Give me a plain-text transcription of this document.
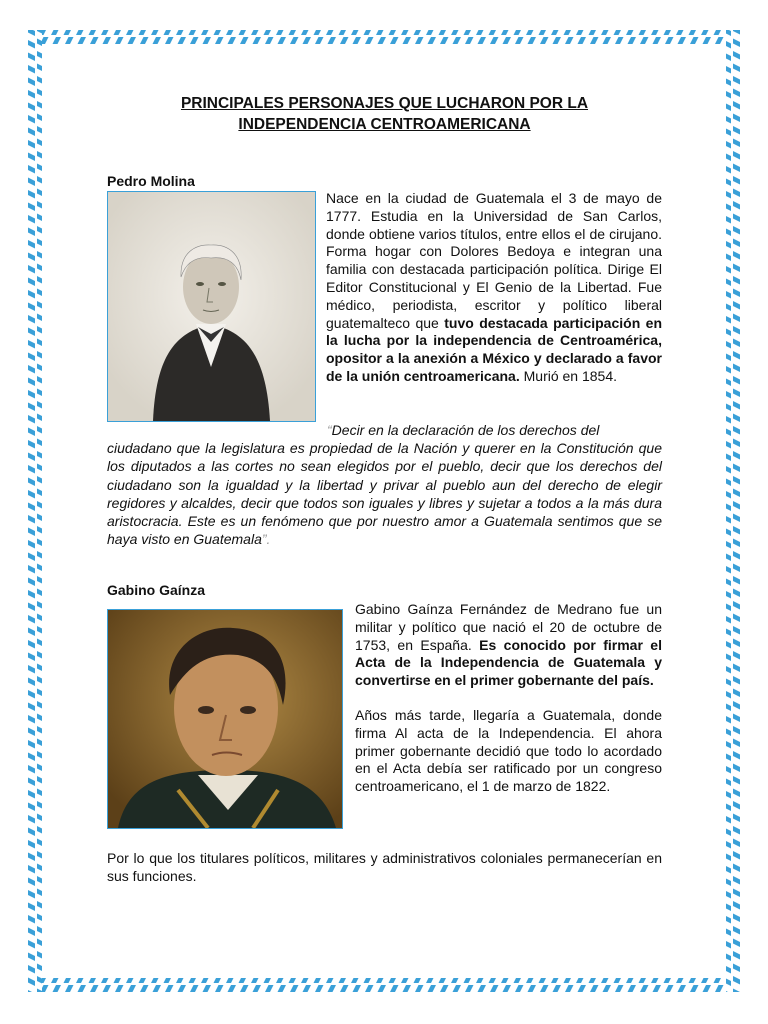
PRINCIPALES PERSONAJES QUE LUCHARON POR LA
INDEPENDENCIA CENTROAMERICANA
Pedro Molina
Nace en la ciudad de Guatemala el 3 de mayo de 1777. Estudia en la Universidad de San Carlos, donde obtiene varios títulos, entre ellos el de cirujano. Forma hogar con Dolores Bedoya e integran una familia con destacada participación política. Dirige El Editor Constitucional y El Genio de la Libertad. Fue médico, periodista, escritor y político liberal guatemalteco que tuvo destacada participación en la lucha por la independencia de Centroamérica, opositor a la anexión a México y declarado a favor de la unión centroamericana. Murió en 1854.
“Decir en la declaración de los derechos del
ciudadano que la legislatura es propiedad de la Nación y querer en la Constitución que los diputados a las cortes no sean elegidos por el pueblo, decir que los derechos del ciudadano son la igualdad y la libertad y privar al pueblo aun del derecho de elegir regidores y alcaldes, decir que todos son iguales y libres y sujetar a todos a la más dura aristocracia. Este es un fenómeno que por nuestro amor a Guatemala sentimos que se haya visto en Guatemala”.
Gabino Gaínza

Gabino Gaínza Fernández de Medrano fue un militar y político que nació el 20 de octubre de 1753, en España. Es conocido por firmar el Acta de la Independencia de Guatemala y convertirse en el primer gobernante del país.

Años más tarde, llegaría a Guatemala, donde firma Al acta de la Independencia. El ahora primer gobernante decidió que todo lo acordado en el Acta debía ser ratificado por un congreso centroamericano, el 1 de marzo de 1822.

Por lo que los titulares políticos, militares y administrativos coloniales permanecerían en sus funciones.
